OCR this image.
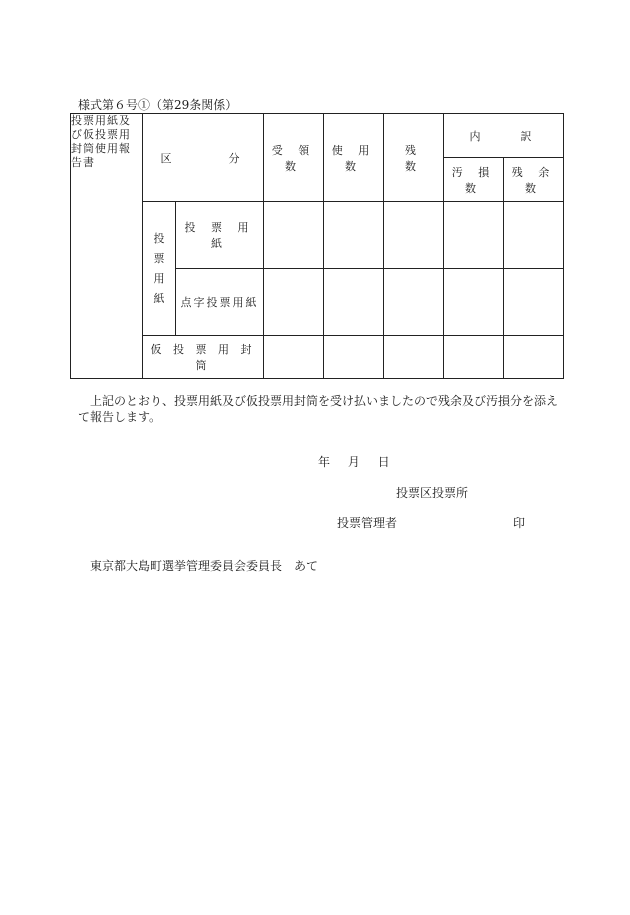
様式第６号①（第29条関係）
投票用紙及び仮投票用封筒使用報告書	区　　　分		受 領 数	使 用 数	残　　数	内　　訳	
						汚 損 数	残 余 数
	投票用紙	投 票 用 紙					
		点字投票用紙					
	仮 投 票 用 封 筒						
上記のとおり、投票用紙及び仮投票用封筒を受け払いましたので残余及び汚損分を添えて報告します。
年 月 日
投票区投票所
投票管理者	印
東京都大島町選挙管理委員会委員長　あて
